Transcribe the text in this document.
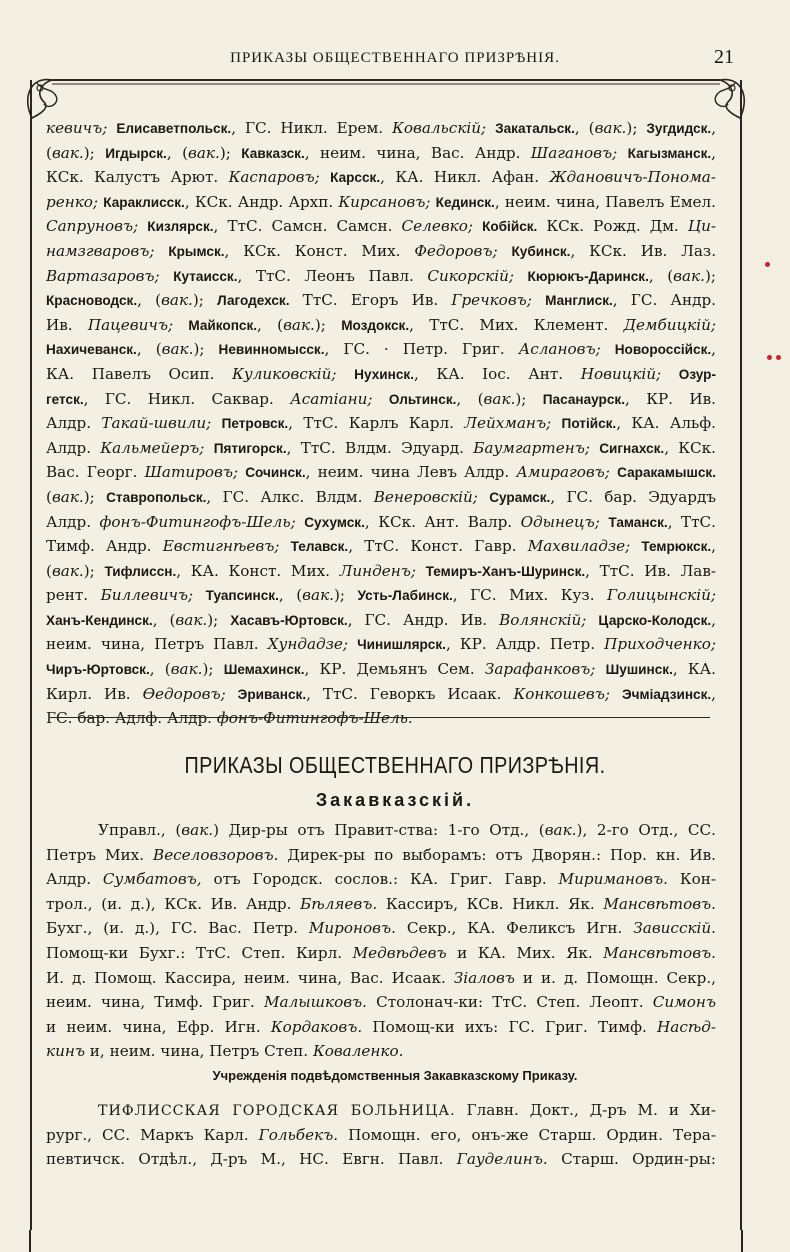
ПРИКАЗЫ ОБЩЕСТВЕННАГО ПРИЗРѢНІЯ.	21
кевичъ; Елисаветпольск., ГС. Никл. Ерем. Ковальскій; Закатальск., (вак.); Зугдидск.,
(вак.); Игдырск., (вак.); Кавказск., неим. чина, Вас. Андр. Шагановъ; Кагызманск.,
КСк. Калустъ Арют. Каспаровъ; Карсск., КА. Никл. Афан. Ждановичъ-Пономa-
ренко; Караклисск., КСк. Андр. Архп. Кирсановъ; Кединск., неим. чина, Павелъ Емел.
Сапруновъ; Кизлярск., ТтС. Самсн. Самсн. Селевко; Кобійск. КСк. Рожд. Дм. Ци-
намзгваровъ; Крымск., КСк. Конст. Мих. Федоровъ; Кубинск., КСк. Ив. Лаз.
Вартазаровъ; Кутаисск., ТтС. Леонъ Павл. Сикорскій; Кюрюкъ-Даринск., (вак.);
Красноводск., (вак.); Лагодехск. ТтС. Егоръ Ив. Гречковъ; Манглиск., ГС. Андр.
Ив. Пацевичъ; Майкопск., (вак.); Моздокск., ТтС. Мих. Клемент. Дембицкій;
Нахичеванск., (вак.); Невинномысск., ГС. · Петр. Григ. Аслановъ; Новороссійск.,
КА. Павелъ Осип. Куликовскій; Нухинск., КА. Іос. Ант. Новицкій; Озур-
гетск., ГС. Никл. Саквар. Асатіани; Ольтинск., (вак.); Пасанаурск., КР. Ив.
Алдр. Такай-швили; Петровск., ТтС. Карлъ Карл. Лейхманъ; Потійск., КА. Альф.
Алдр. Кальмейеръ; Пятигорск., ТтС. Влдм. Эдуард. Баумгартенъ; Сигнахск., КСк.
Вас. Георг. Шатировъ; Сочинск., неим. чина Левъ Алдр. Амираговъ; Саракамышск.
(вак.); Ставропольск., ГС. Алкс. Влдм. Венеровскій; Сурамск., ГС. бар. Эдуардъ
Алдр. фонъ-Фитингофъ-Шель; Сухумск., КСк. Ант. Валр. Одынецъ; Таманск., ТтС.
Тимф. Андр. Евстигнѣевъ; Телавск., ТтС. Конст. Гавр. Махвиладзе; Темрюкск.,
(вак.); Тифлиссн., КА. Конст. Мих. Линденъ; Темиръ-Ханъ-Шуринск., ТтС. Ив. Лав-
рент. Биллевичъ; Туапсинск., (вак.); Усть-Лабинск., ГС. Мих. Куз. Голицынскій;
Ханъ-Кендинск., (вак.); Хасавъ-Юртовск., ГС. Андр. Ив. Волянскій; Царско-Колодск.,
неим. чина, Петръ Павл. Хундадзе; Чинишлярск., КР. Алдр. Петр. Приходченко;
Чиръ-Юртовск., (вак.); Шемахинск., КР. Демьянъ Сем. Зарафанковъ; Шушинск., КА.
Кирл. Ив. Ѳедоровъ; Эриванск., ТтС. Геворкъ Исаак. Конкошевъ; Эчміадзинск.,
ГС. бар. Адлф. Алдр. фонъ-Фитингофъ-Шель.
ПРИКАЗЫ ОБЩЕСТВЕННАГО ПРИЗРѢНІЯ.
Закавказскій.
Управл., (вак.) Дир-ры отъ Правит-ства: 1-го Отд., (вак.), 2-го Отд., СС.
Петръ Мих. Веселовзоровъ. Дирек-ры по выборамъ: отъ Дворян.: Пор. кн. Ив.
Алдр. Сумбатовъ, отъ Городск. сослов.: КА. Григ. Гавр. Миримановъ. Кон-
трол., (и. д.), КСк. Ив. Андр. Бѣляевъ. Кассиръ, КСв. Никл. Як. Мансвѣтовъ.
Бухг., (и. д.), ГС. Вас. Петр. Мироновъ. Секр., КА. Феликсъ Игн. Завиcскій.
Помощ-ки Бухг.: ТтС. Степ. Кирл. Медвѣдевъ и КА. Мих. Як. Мансвѣтовъ.
И. д. Помощ. Кассира, неим. чина, Вас. Исаак. Зіаловъ и и. д. Помощн. Секр.,
неим. чина, Тимф. Григ. Малышковъ. Столонач-ки: ТтС. Степ. Леопт. Симонъ
и неим. чина, Ефр. Игн. Кордаковъ. Помощ-ки ихъ: ГС. Григ. Тимф. Насѣд-
кинъ и, неим. чина, Петръ Степ. Коваленко.
Учрежденія подвѣдомственныя Закавказскому Приказу.
ТИФЛИССКАЯ ГОРОДСКАЯ БОЛЬНИЦА. Главн. Докт., Д-ръ М. и Хи-
рург., СС. Маркъ Карл. Гольбекъ. Помощн. его, онъ-же Старш. Ордин. Тера-
певтичск. Отдѣл., Д-ръ М., НС. Евгн. Павл. Гауделинъ. Старш. Ордин-ры:
